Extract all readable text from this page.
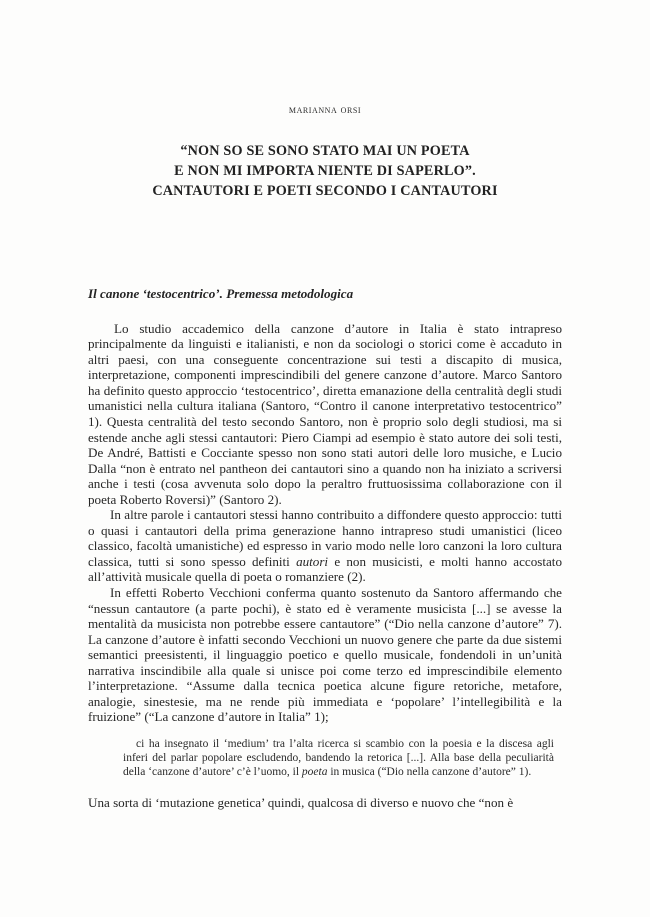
marianna orsi
“NON SO SE SONO STATO MAI UN POETA
E NON MI IMPORTA NIENTE DI SAPERLO”.
CANTAUTORI E POETI SECONDO I CANTAUTORI
Il canone ‘testocentrico’. Premessa metodologica

Lo studio accademico della canzone d’autore in Italia è stato intrapreso principalmente da linguisti e italianisti, e non da sociologi o storici come è accaduto in altri paesi, con una conseguente concentrazione sui testi a discapito di musica, interpretazione, componenti imprescindibili del genere canzone d’autore. Marco Santoro ha definito questo approccio ‘testocentrico’, diretta emanazione della centralità degli studi umanistici nella cultura italiana (Santoro, “Contro il canone interpretativo testocentrico” 1). Questa centralità del testo secondo Santoro, non è proprio solo degli studiosi, ma si estende anche agli stessi cantautori: Piero Ciampi ad esempio è stato autore dei soli testi, De André, Battisti e Cocciante spesso non sono stati autori delle loro musiche, e Lucio Dalla “non è entrato nel pantheon dei cantautori sino a quando non ha iniziato a scriversi anche i testi (cosa avvenuta solo dopo la peraltro fruttuosissima collaborazione con il poeta Roberto Roversi)” (Santoro 2).

In altre parole i cantautori stessi hanno contribuito a diffondere questo approccio: tutti o quasi i cantautori della prima generazione hanno intrapreso studi umanistici (liceo classico, facoltà umanistiche) ed espresso in vario modo nelle loro canzoni la loro cultura classica, tutti si sono spesso definiti autori e non musicisti, e molti hanno accostato all’attività musicale quella di poeta o romanziere (2).

In effetti Roberto Vecchioni conferma quanto sostenuto da Santoro affermando che “nessun cantautore (a parte pochi), è stato ed è veramente musicista [...] se avesse la mentalità da musicista non potrebbe essere cantautore” (“Dio nella canzone d’autore” 7). La canzone d’autore è infatti secondo Vecchioni un nuovo genere che parte da due sistemi semantici preesistenti, il linguaggio poetico e quello musicale, fondendoli in un’unità narrativa inscindibile alla quale si unisce poi come terzo ed imprescindibile elemento l’interpretazione. “Assume dalla tecnica poetica alcune figure retoriche, metafore, analogie, sinestesie, ma ne rende più immediata e ‘popolare’ l’intellegibilità e la fruizione” (“La canzone d’autore in Italia” 1);

ci ha insegnato il ‘medium’ tra l’alta ricerca si scambio con la poesia e la discesa agli inferi del parlar popolare escludendo, bandendo la retorica [...]. Alla base della peculiarità della ‘canzone d’autore’ c’è l’uomo, il poeta in musica (“Dio nella canzone d’autore” 1).

Una sorta di ‘mutazione genetica’ quindi, qualcosa di diverso e nuovo che “non è
